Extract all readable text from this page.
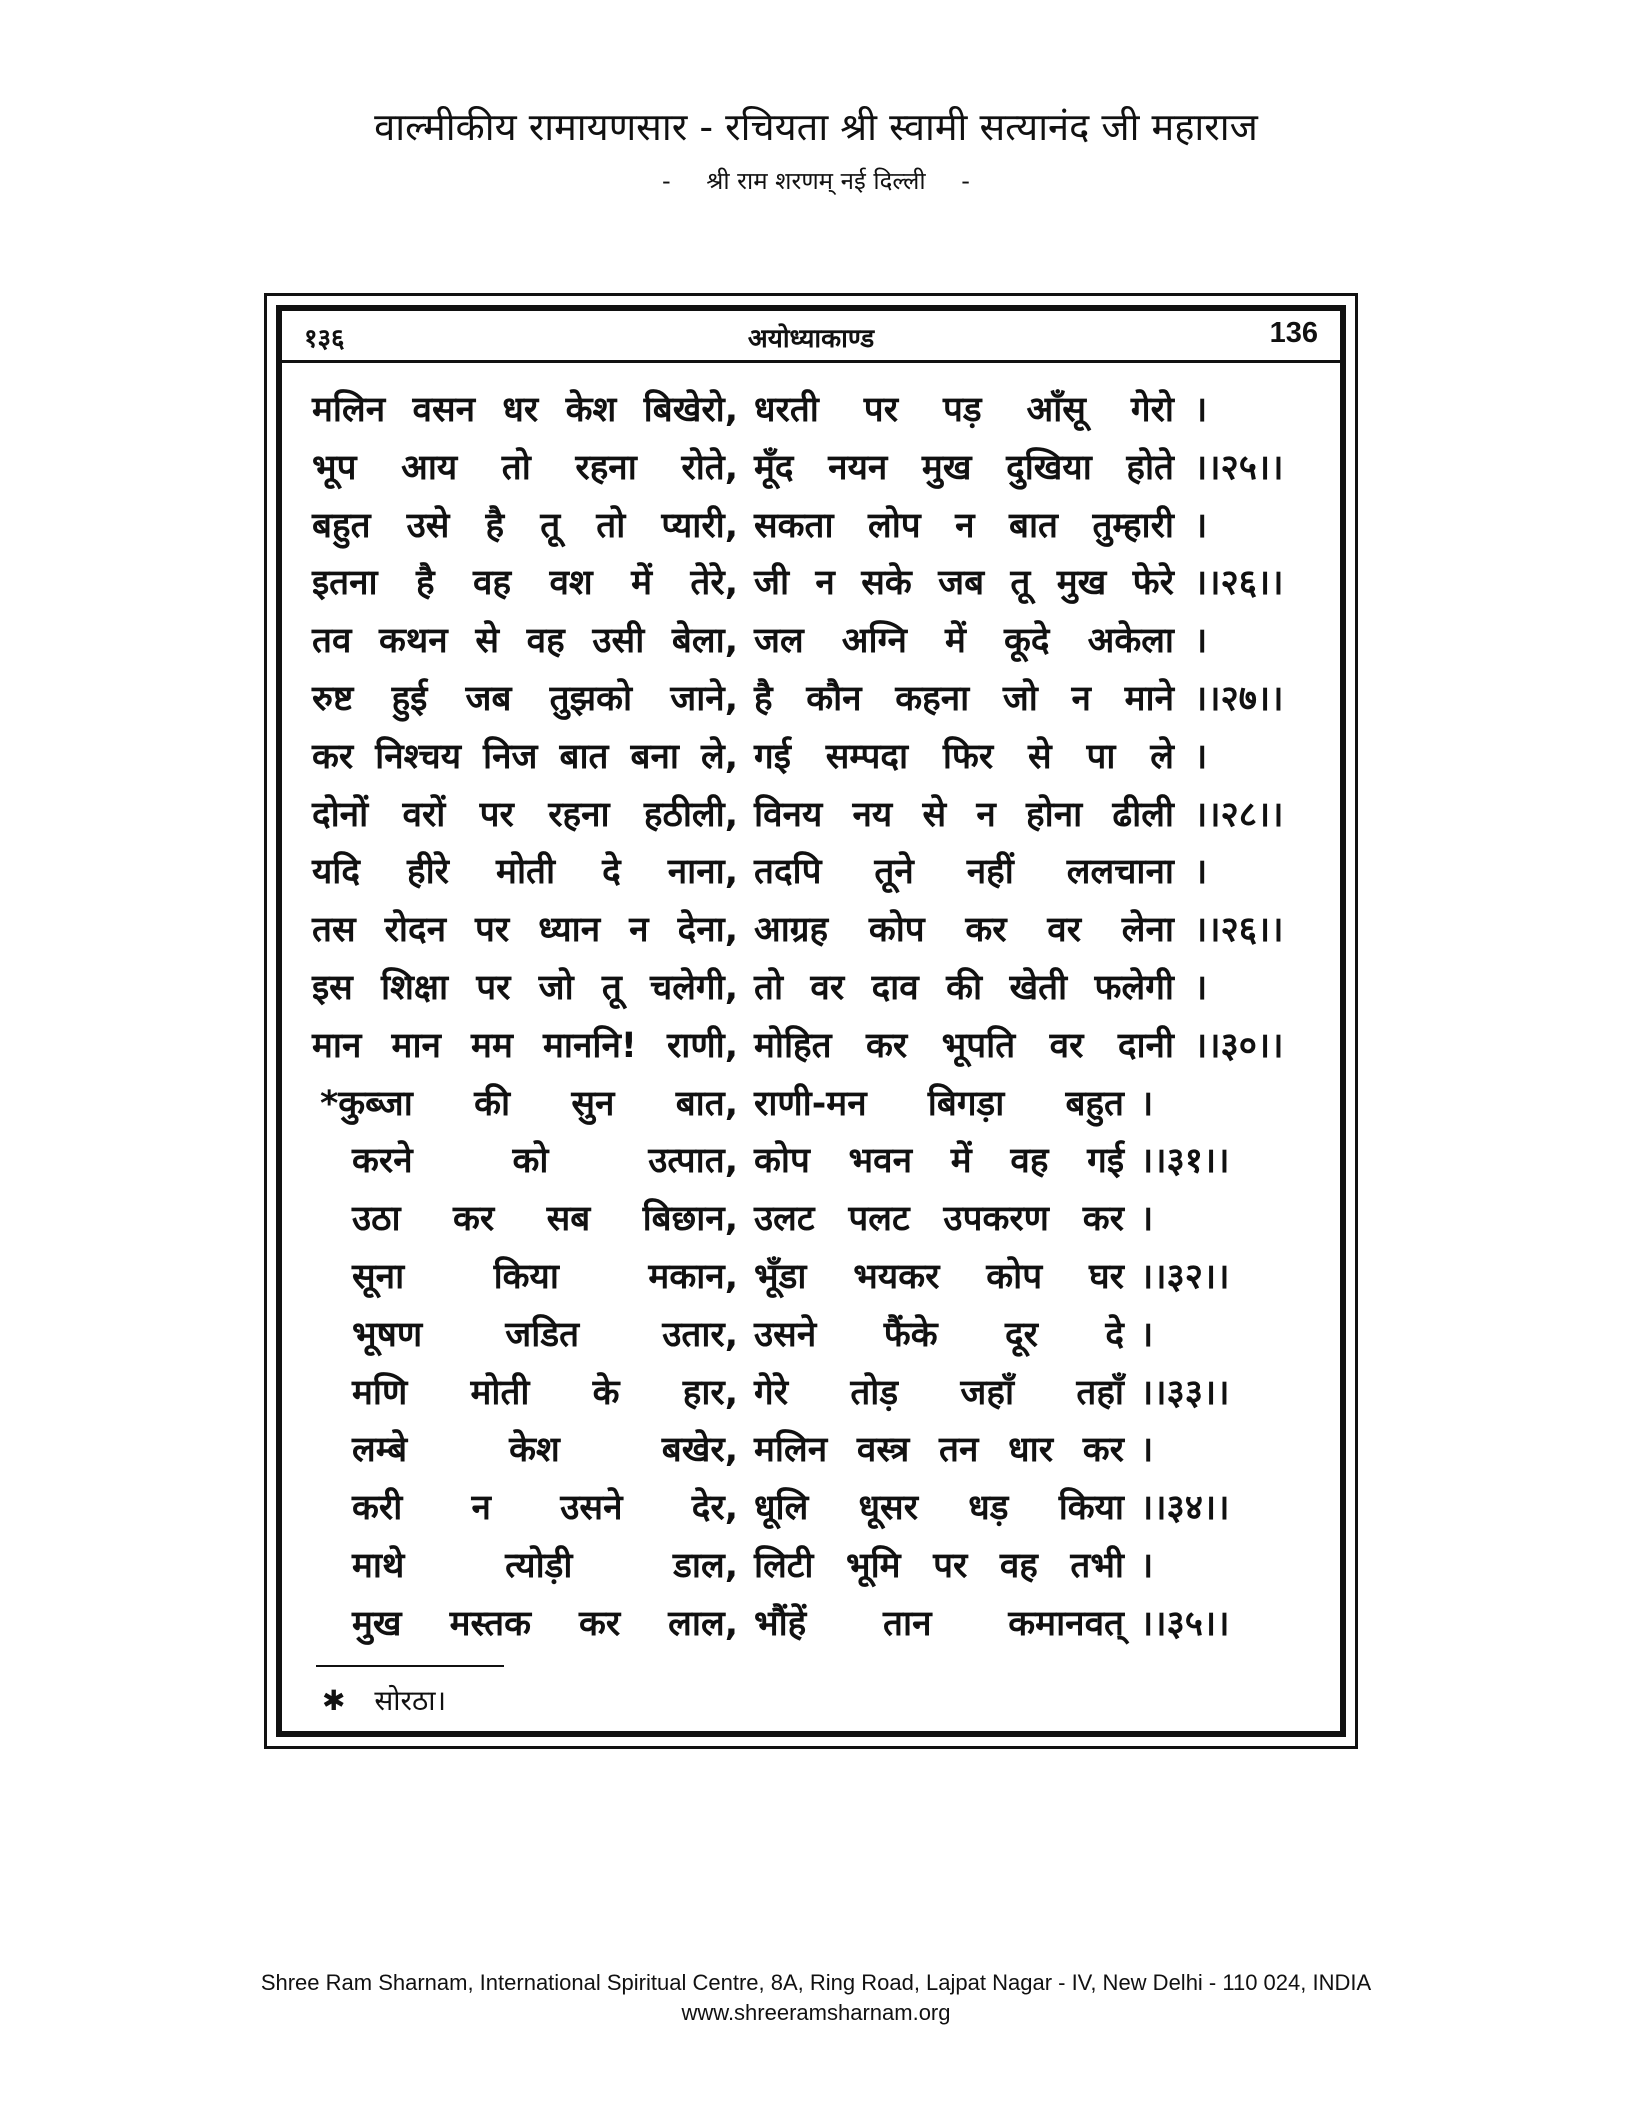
वाल्मीकीय रामायणसार - रचियता श्री स्वामी सत्यानंद जी महाराज
- श्री राम शरणम् नई दिल्ली -
१३६	अयोध्याकाण्ड	136
मलिन वसन धर केश बिखेरो, धरती पर पड़ आँसू गेरो ।
भूप आय तो रहना रोते, मूँद नयन मुख दुखिया होते ।।२५।।
बहुत उसे है तू तो प्यारी, सकता लोप न बात तुम्हारी ।
इतना है वह वश में तेरे, जी न सके जब तू मुख फेरे ।।२६।।
तव कथन से वह उसी बेला, जल अग्नि में कूदे अकेला ।
रुष्ट हुई जब तुझको जाने, है कौन कहना जो न माने ।।२७।।
कर निश्चय निज बात बना ले, गई सम्पदा फिर से पा ले ।
दोनों वरों पर रहना हठीली, विनय नय से न होना ढीली ।।२८।।
यदि हीरे मोती दे नाना, तदपि तूने नहीं ललचाना ।
तस रोदन पर ध्यान न देना, आग्रह कोप कर वर लेना ।।२६।।
इस शिक्षा पर जो तू चलेगी, तो वर दाव की खेती फलेगी ।
मान मान मम माननि! राणी, मोहित कर भूपति वर दानी ।।३०।।
*कुब्जा की सुन बात, राणी-मन बिगड़ा बहुत ।
करने को उत्पात, कोप भवन में वह गई ।।३१।।
उठा कर सब बिछान, उलट पलट उपकरण कर ।
सूना किया मकान, भूँडा भयकर कोप घर ।।३२।।
भूषण जडित उतार, उसने फैंके दूर दे ।
मणि मोती के हार, गेरे तोड़ जहाँ तहाँ ।।३३।।
लम्बे केश बखेर, मलिन वस्त्र तन धार कर ।
करी न उसने देर, धूलि धूसर धड़ किया ।।३४।।
माथे त्योड़ी डाल, लिटी भूमि पर वह तभी ।
मुख मस्तक कर लाल, भौंहें तान कमानवत् ।।३५।।
✱ सोरठा।
Shree Ram Sharnam, International Spiritual Centre, 8A, Ring Road, Lajpat Nagar - IV, New Delhi - 110 024, INDIA
www.shreeramsharnam.org
